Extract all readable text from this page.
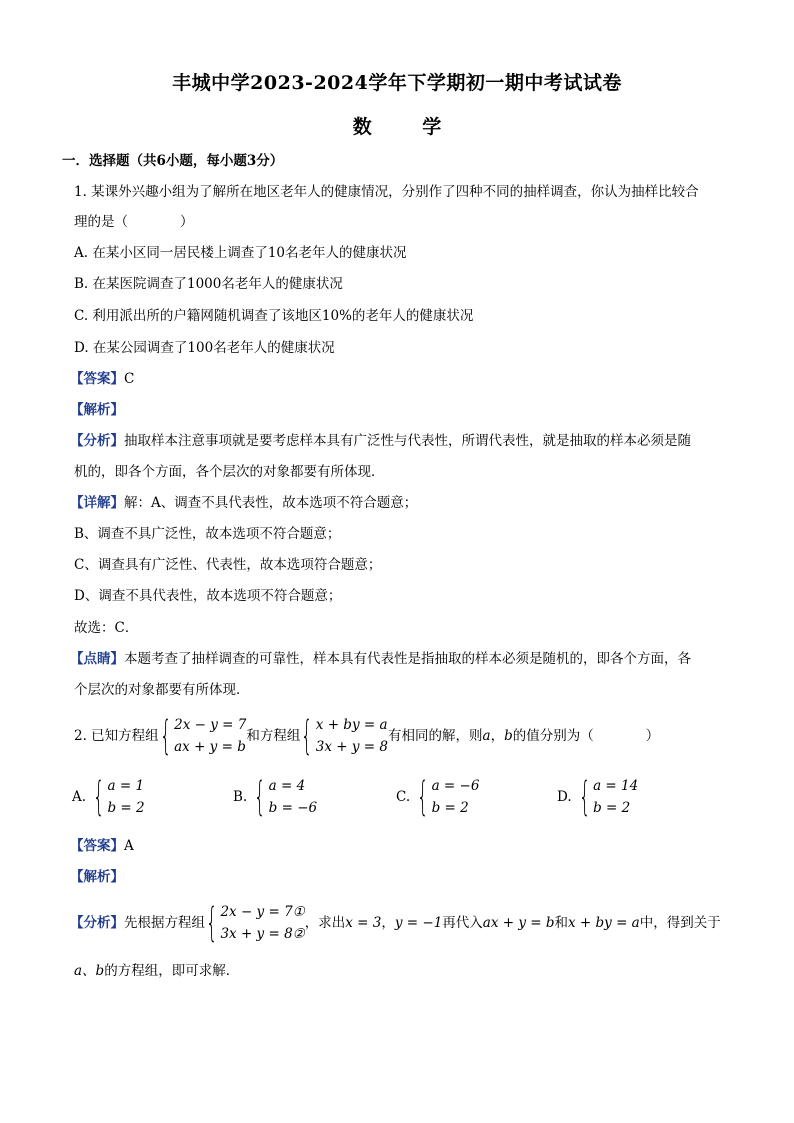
丰城中学2023-2024学年下学期初一期中考试试卷
数 学
一．选择题（共6小题，每小题3分）
1. 某课外兴趣小组为了解所在地区老年人的健康情况，分别作了四种不同的抽样调查，你认为抽样比较合
理的是（	）
A. 在某小区同一居民楼上调查了10名老年人的健康状况
B. 在某医院调查了1000名老年人的健康状况
C. 利用派出所的户籍网随机调查了该地区10%的老年人的健康状况
D. 在某公园调查了100名老年人的健康状况
【答案】C
【解析】
【分析】抽取样本注意事项就是要考虑样本具有广泛性与代表性，所谓代表性，就是抽取的样本必须是随
机的，即各个方面，各个层次的对象都要有所体现．
【详解】解：A、调查不具代表性，故本选项不符合题意；
B、调查不具广泛性，故本选项不符合题意；
C、调查具有广泛性、代表性，故本选项符合题意；
D、调查不具代表性，故本选项不符合题意；
故选：C．
【点睛】本题考查了抽样调查的可靠性，样本具有代表性是指抽取的样本必须是随机的，即各个方面，各
个层次的对象都要有所体现．
2. 已知方程组 { 2x − y = 7
ax + y = b
和方程组 { x + by = a
3x + y = 8
有相同的解，则 a ， b 的值分别为（	）
A. { a = 1
b = 2
B. { a = 4
b = −6
C. { a = −6
b = 2
D. { a = 14
b = 2
【答案】A
【解析】
【分析】 先根据方程组 { 2x − y = 7①
3x + y = 8②
，求出 x = 3 ， y = −1 再代入 ax + y = b 和 x + by = a 中，得到关于
a、b的方程组，即可求解．
